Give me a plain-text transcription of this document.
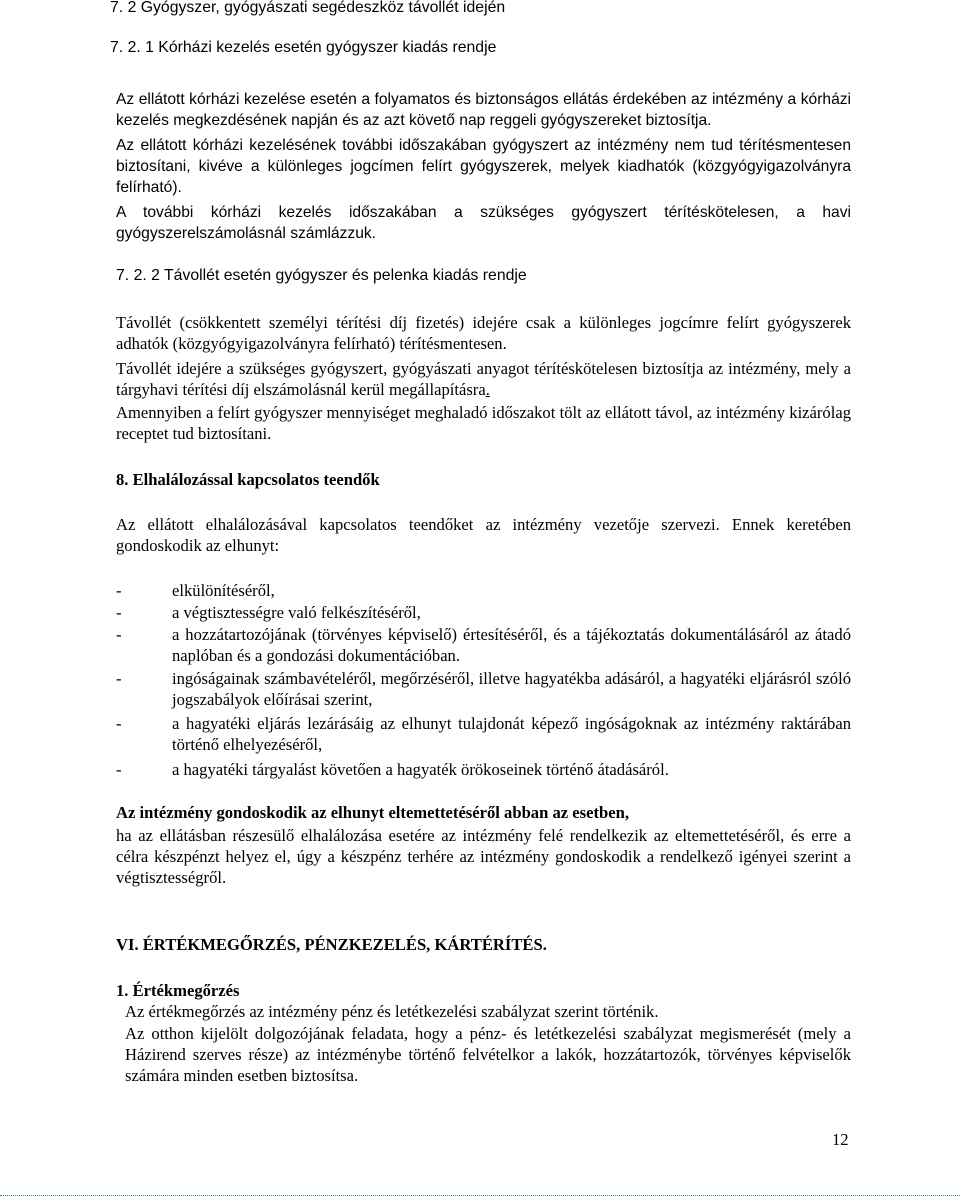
7. 2 Gyógyszer, gyógyászati segédeszköz távollét idején
7. 2. 1 Kórházi kezelés esetén gyógyszer kiadás rendje

Az ellátott kórházi kezelése esetén a folyamatos és biztonságos ellátás érdekében az intézmény a kórházi kezelés megkezdésének napján és az azt követő nap reggeli gyógyszereket biztosítja.

Az ellátott kórházi kezelésének további időszakában gyógyszert az intézmény nem tud térítésmentesen biztosítani, kivéve a különleges jogcímen felírt gyógyszerek, melyek kiadhatók (közgyógyigazolványra felírható).

A további kórházi kezelés időszakában a szükséges gyógyszert térítéskötelesen, a havi gyógyszerelszámolásnál számlázzuk.

7. 2. 2 Távollét esetén gyógyszer és pelenka kiadás rendje

Távollét (csökkentett személyi térítési díj fizetés) idejére csak a különleges jogcímre felírt gyógyszerek adhatók (közgyógyigazolványra felírható) térítésmentesen.

Távollét idejére a szükséges gyógyszert, gyógyászati anyagot térítéskötelesen biztosítja az intézmény, mely a tárgyhavi térítési díj elszámolásnál kerül megállapításra.

Amennyiben a felírt gyógyszer mennyiséget meghaladó időszakot tölt az ellátott távol, az intézmény kizárólag receptet tud biztosítani.

8. Elhalálozással kapcsolatos teendők

Az ellátott elhalálozásával kapcsolatos teendőket az intézmény vezetője szervezi. Ennek keretében gondoskodik az elhunyt:

-	elkülönítéséről,
-	a végtisztességre való felkészítéséről,
-	a hozzátartozójának (törvényes képviselő) értesítéséről, és a tájékoztatás dokumentálásáról az átadó naplóban és a gondozási dokumentációban.
-	ingóságainak számbavételéről, megőrzéséről, illetve hagyatékba adásáról, a hagyatéki eljárásról szóló jogszabályok előírásai szerint,
-	a hagyatéki eljárás lezárásáig az elhunyt tulajdonát képező ingóságoknak az intézmény raktárában történő elhelyezéséről,
-	a hagyatéki tárgyalást követően a hagyaték örökoseinek történő átadásáról.
Az intézmény gondoskodik az elhunyt eltemettetéséről abban az esetben,

ha az ellátásban részesülő elhalálozása esetére az intézmény felé rendelkezik az eltemettetéséről, és erre a célra készpénzt helyez el, úgy a készpénz terhére az intézmény gondoskodik a rendelkező igényei szerint a végtisztességről.

VI. ÉRTÉKMEGŐRZÉS, PÉNZKEZELÉS, KÁRTÉRÍTÉS.
1. Értékmegőrzés

Az értékmegőrzés az intézmény pénz és letétkezelési szabályzat szerint történik.

Az otthon kijelölt dolgozójának feladata, hogy a pénz- és letétkezelési szabályzat megismerését (mely a Házirend szerves része) az intézménybe történő felvételkor a lakók, hozzátartozók, törvényes képviselők számára minden esetben biztosítsa.

12
